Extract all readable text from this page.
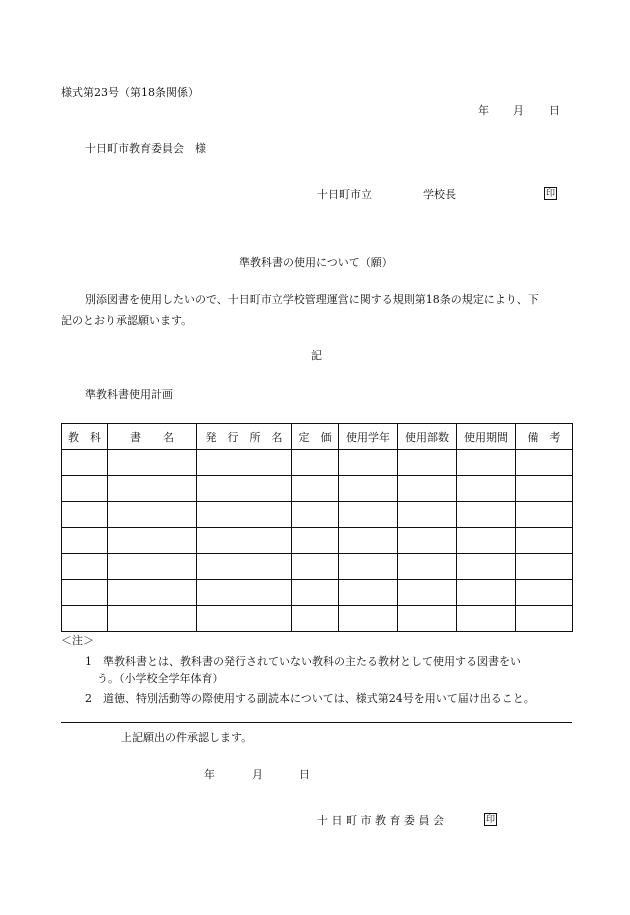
様式第23号（第18条関係）
年 月 日
十日町市教育委員会　様
十日町市立	学校長	印
準教科書の使用について（願）
別添図書を使用したいので、十日町市立学校管理運営に関する規則第18条の規定により、下
記のとおり承認願います。
記
準教科書使用計画
教　科	書　　名	発　行　所　名	定　価	使用学年	使用部数	使用期間	備　考

＜注＞
1　準教科書とは、教科書の発行されていない教科の主たる教材として使用する図書をい
う。（小学校全学年体育）
2　道徳、特別活動等の際使用する副読本については、様式第24号を用いて届け出ること。
上記願出の件承認します。
年	月	日
十 日 町 市 教 育 委 員 会	印
